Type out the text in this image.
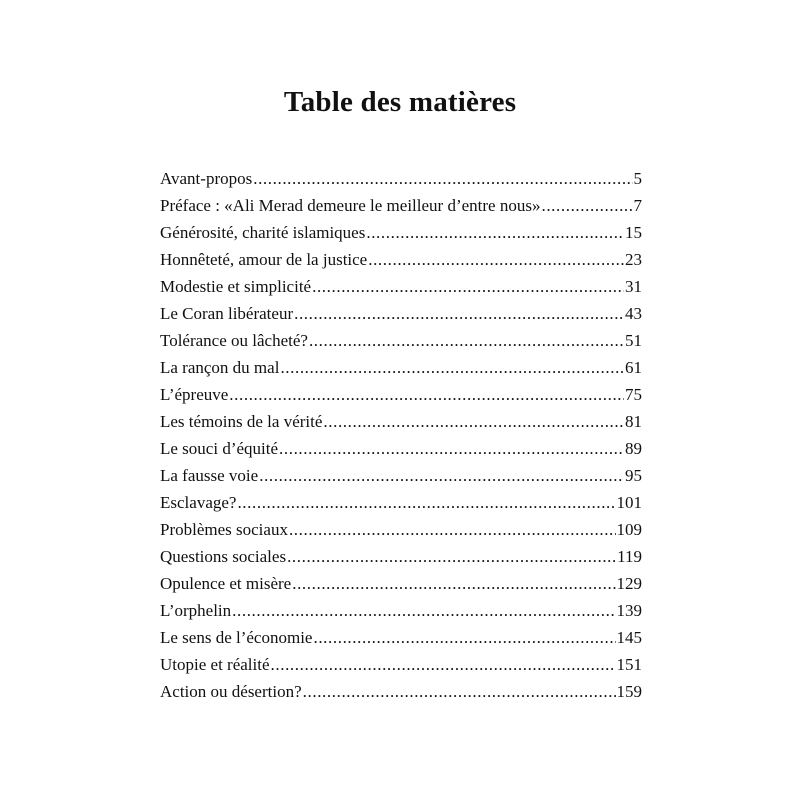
Table des matières
Avant-propos .....	5
Préface : «Ali Merad demeure le meilleur d’entre nous» .....	7
Générosité, charité islamiques .....	15
Honnêteté, amour de la justice .....	23
Modestie et simplicité .....	31
Le Coran libérateur .....	43
Tolérance ou lâcheté? .....	51
La rançon du mal .....	61
L’épreuve .....	75
Les témoins de la vérité .....	81
Le souci d’équité .....	89
La fausse voie .....	95
Esclavage? .....	101
Problèmes sociaux .....	109
Questions sociales .....	119
Opulence et misère .....	129
L’orphelin .....	139
Le sens de l’économie .....	145
Utopie et réalité .....	151
Action ou désertion? .....	159
